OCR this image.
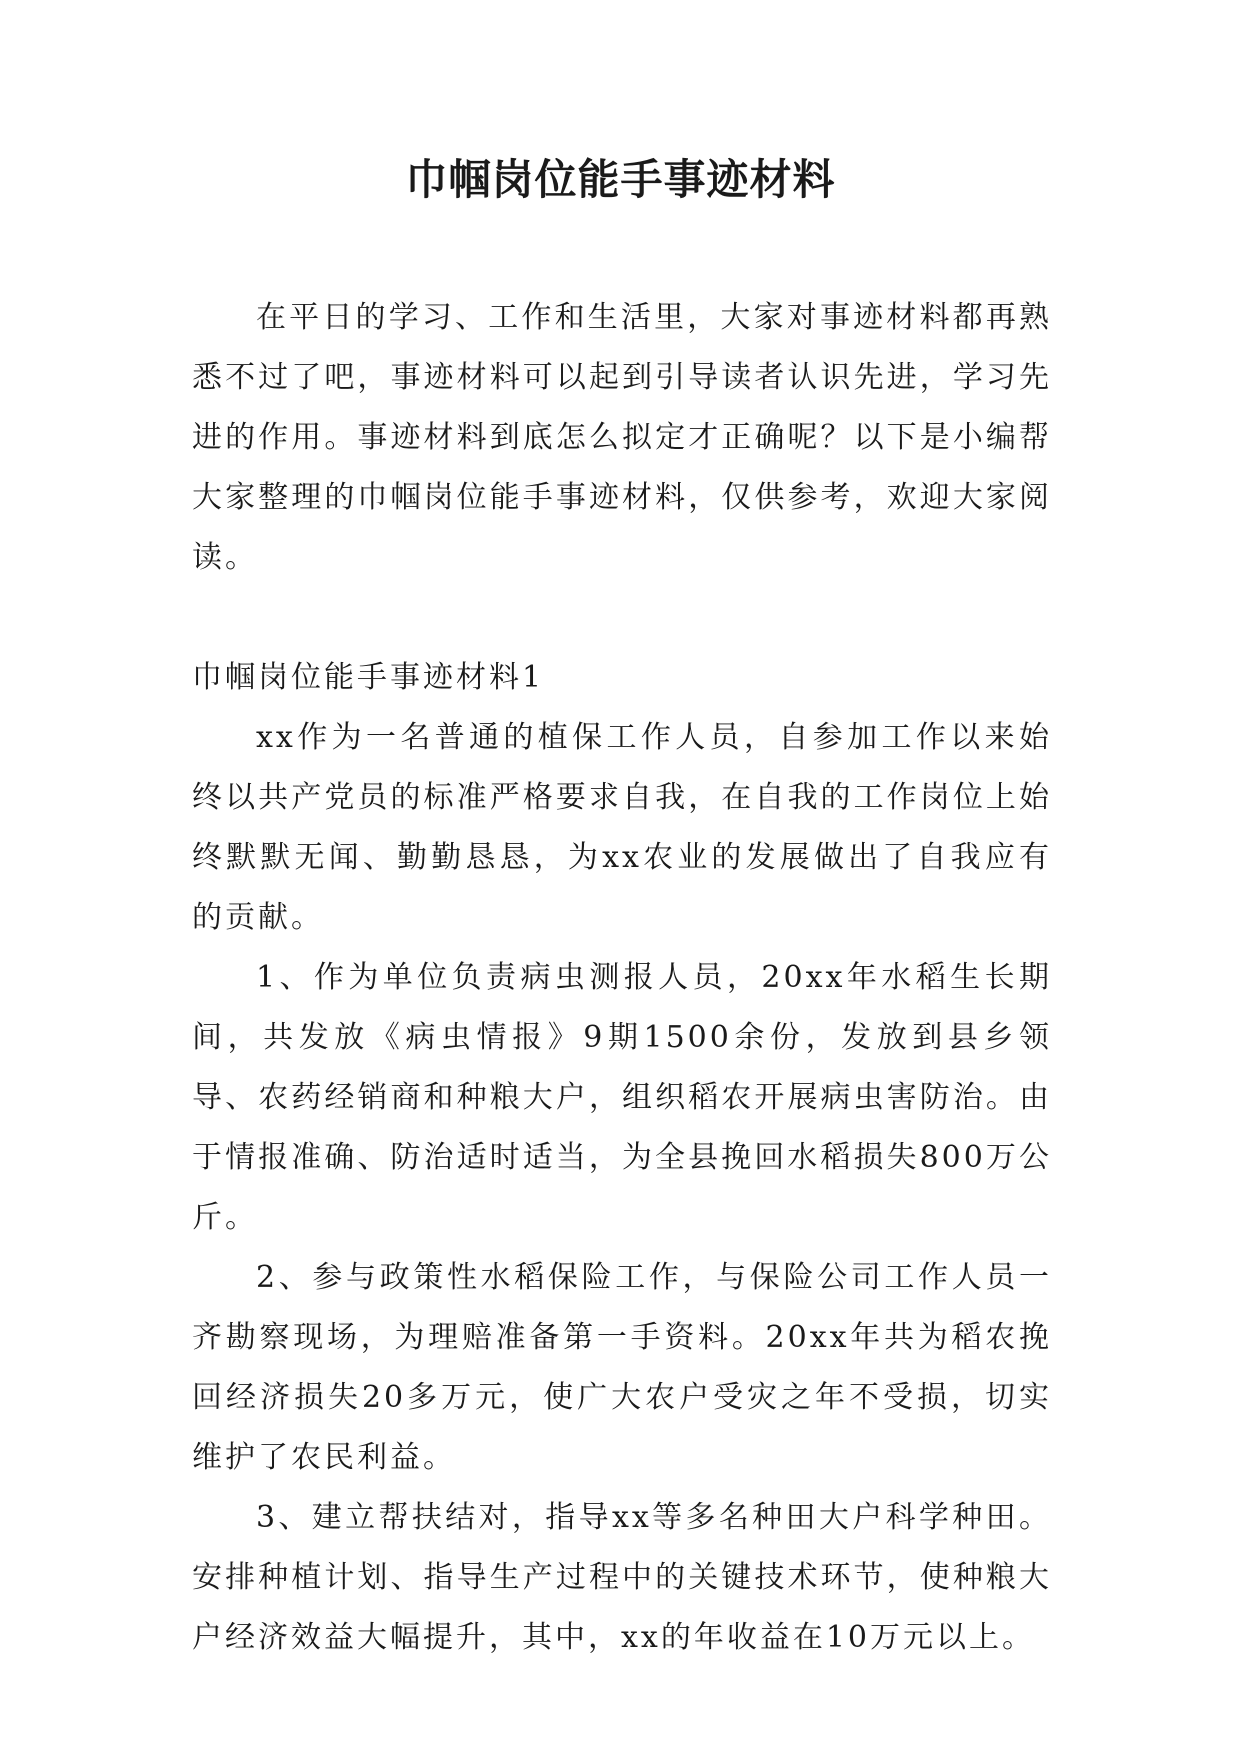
巾帼岗位能手事迹材料

在平日的学习、工作和生活里，大家对事迹材料都再熟悉不过了吧，事迹材料可以起到引导读者认识先进，学习先进的作用。事迹材料到底怎么拟定才正确呢？以下是小编帮大家整理的巾帼岗位能手事迹材料，仅供参考，欢迎大家阅读。

巾帼岗位能手事迹材料1

xx作为一名普通的植保工作人员，自参加工作以来始终以共产党员的标准严格要求自我，在自我的工作岗位上始终默默无闻、勤勤恳恳，为xx农业的发展做出了自我应有的贡献。

1、作为单位负责病虫测报人员，20xx年水稻生长期间，共发放《病虫情报》9期1500余份，发放到县乡领导、农药经销商和种粮大户，组织稻农开展病虫害防治。由于情报准确、防治适时适当，为全县挽回水稻损失800万公斤。

2、参与政策性水稻保险工作，与保险公司工作人员一齐勘察现场，为理赔准备第一手资料。20xx年共为稻农挽回经济损失20多万元，使广大农户受灾之年不受损，切实维护了农民利益。

3、建立帮扶结对，指导xx等多名种田大户科学种田。安排种植计划、指导生产过程中的关键技术环节，使种粮大户经济效益大幅提升，其中，xx的年收益在10万元以上。
